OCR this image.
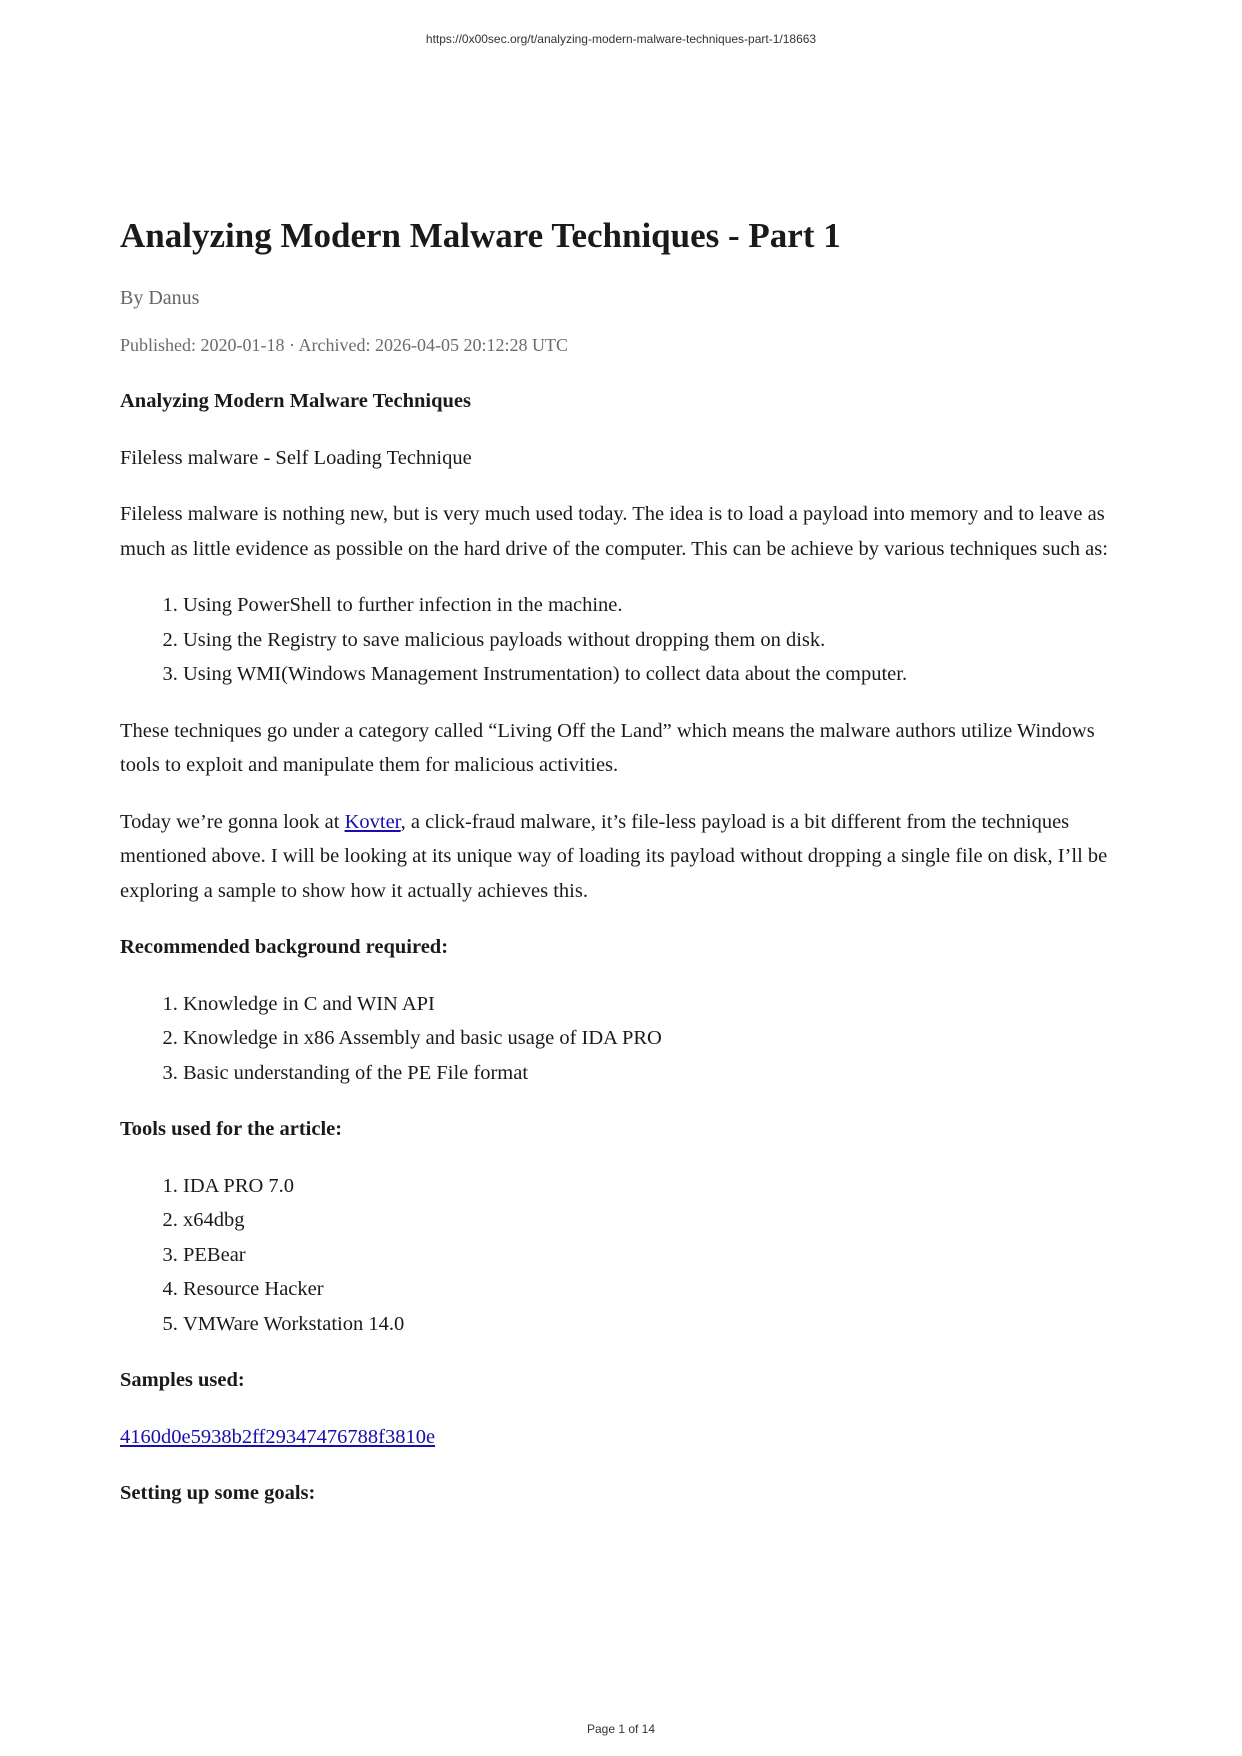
https://0x00sec.org/t/analyzing-modern-malware-techniques-part-1/18663
Analyzing Modern Malware Techniques - Part 1
By Danus
Published: 2020-01-18 · Archived: 2026-04-05 20:12:28 UTC

Analyzing Modern Malware Techniques

Fileless malware - Self Loading Technique

Fileless malware is nothing new, but is very much used today. The idea is to load a payload into memory and to leave as much as little evidence as possible on the hard drive of the computer. This can be achieve by various techniques such as:

1. Using PowerShell to further infection in the machine.
2. Using the Registry to save malicious payloads without dropping them on disk.
3. Using WMI(Windows Management Instrumentation) to collect data about the computer.

These techniques go under a category called “Living Off the Land” which means the malware authors utilize Windows tools to exploit and manipulate them for malicious activities.

Today we’re gonna look at Kovter, a click-fraud malware, it’s file-less payload is a bit different from the techniques mentioned above. I will be looking at its unique way of loading its payload without dropping a single file on disk, I’ll be exploring a sample to show how it actually achieves this.

Recommended background required:

1. Knowledge in C and WIN API
2. Knowledge in x86 Assembly and basic usage of IDA PRO
3. Basic understanding of the PE File format

Tools used for the article:

1. IDA PRO 7.0
2. x64dbg
3. PEBear
4. Resource Hacker
5. VMWare Workstation 14.0

Samples used:

4160d0e5938b2ff29347476788f3810e

Setting up some goals:

Page 1 of 14
